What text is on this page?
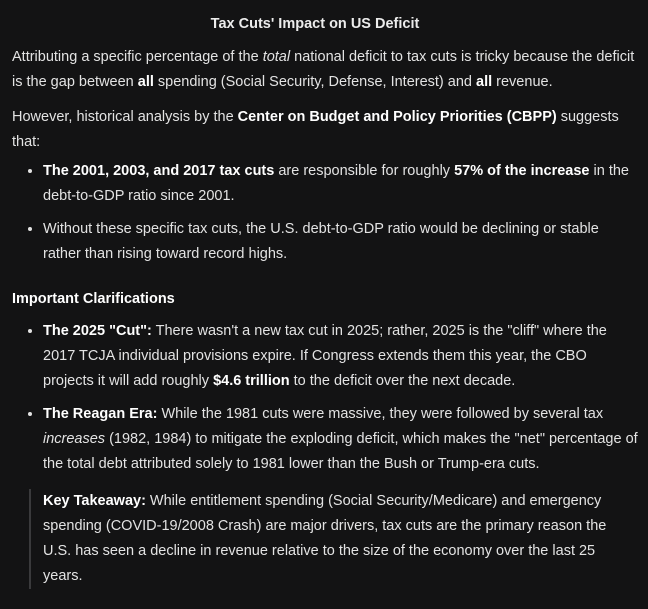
Tax Cuts' Impact on US Deficit

Attributing a specific percentage of the total national deficit to tax cuts is tricky because the deficit is the gap between all spending (Social Security, Defense, Interest) and all revenue.

However, historical analysis by the Center on Budget and Policy Priorities (CBPP) suggests that:

• The 2001, 2003, and 2017 tax cuts are responsible for roughly 57% of the increase in the debt-to-GDP ratio since 2001.
• Without these specific tax cuts, the U.S. debt-to-GDP ratio would be declining or stable rather than rising toward record highs.
Important Clarifications
• The 2025 "Cut": There wasn't a new tax cut in 2025; rather, 2025 is the "cliff" where the 2017 TCJA individual provisions expire. If Congress extends them this year, the CBO projects it will add roughly $4.6 trillion to the deficit over the next decade.
• The Reagan Era: While the 1981 cuts were massive, they were followed by several tax increases (1982, 1984) to mitigate the exploding deficit, which makes the "net" percentage of the total debt attributed solely to 1981 lower than the Bush or Trump-era cuts.
Key Takeaway: While entitlement spending (Social Security/Medicare) and emergency spending (COVID-19/2008 Crash) are major drivers, tax cuts are the primary reason the U.S. has seen a decline in revenue relative to the size of the economy over the last 25 years.
